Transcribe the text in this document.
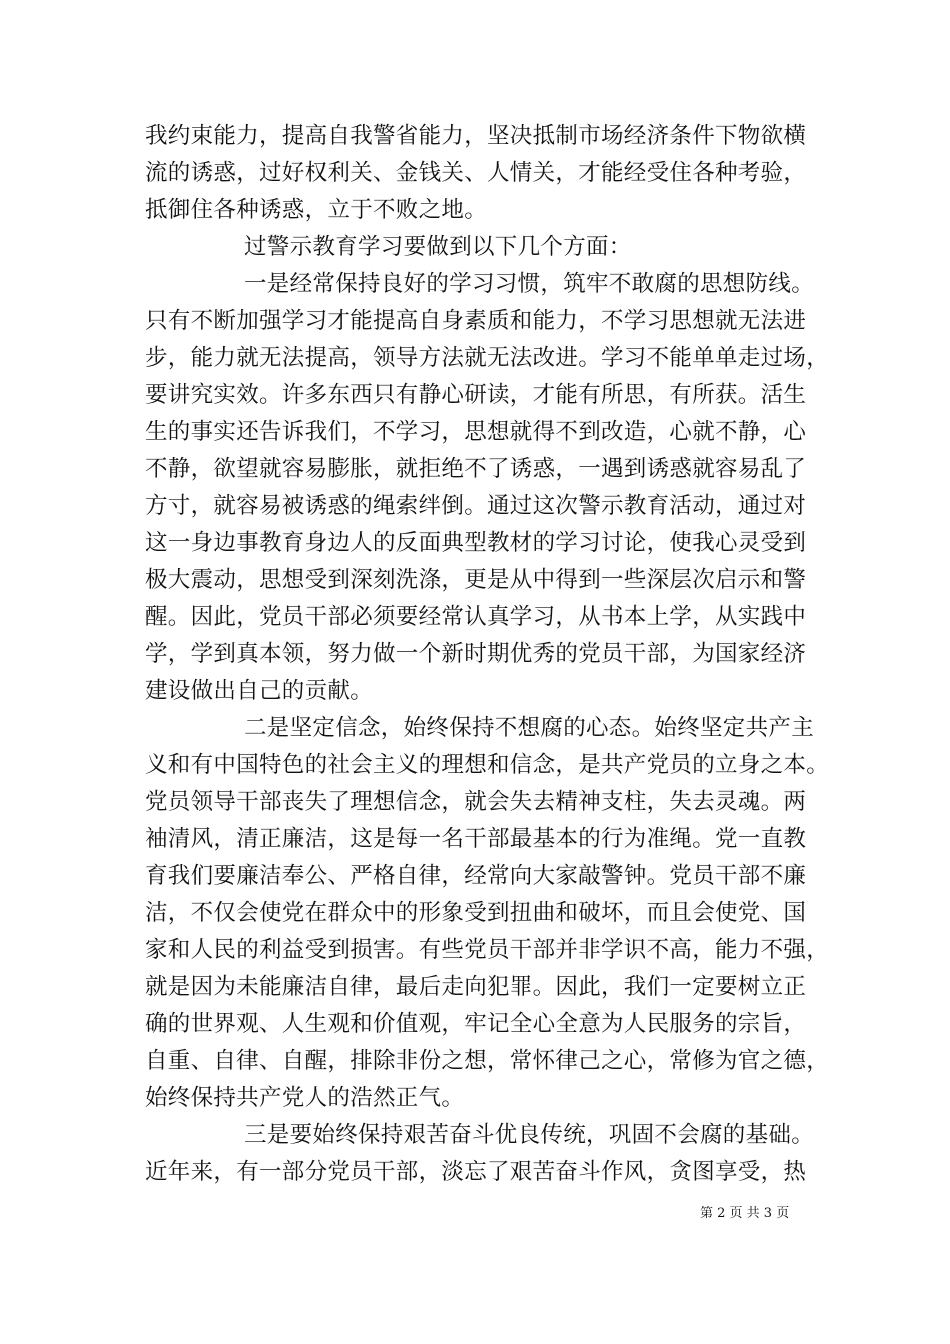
我约束能力，提高自我警省能力，坚决抵制市场经济条件下物欲横
流的诱惑，过好权利关、金钱关、人情关，才能经受住各种考验，
抵御住各种诱惑，立于不败之地。
过警示教育学习要做到以下几个方面：
一是经常保持良好的学习习惯，筑牢不敢腐的思想防线。
只有不断加强学习才能提高自身素质和能力，不学习思想就无法进
步，能力就无法提高，领导方法就无法改进。学习不能单单走过场，
要讲究实效。许多东西只有静心研读，才能有所思，有所获。活生
生的事实还告诉我们，不学习，思想就得不到改造，心就不静，心
不静，欲望就容易膨胀，就拒绝不了诱惑，一遇到诱惑就容易乱了
方寸，就容易被诱惑的绳索绊倒。通过这次警示教育活动，通过对
这一身边事教育身边人的反面典型教材的学习讨论，使我心灵受到
极大震动，思想受到深刻洗涤，更是从中得到一些深层次启示和警
醒。因此，党员干部必须要经常认真学习，从书本上学，从实践中
学，学到真本领，努力做一个新时期优秀的党员干部，为国家经济
建设做出自己的贡献。
二是坚定信念，始终保持不想腐的心态。始终坚定共产主
义和有中国特色的社会主义的理想和信念，是共产党员的立身之本。
党员领导干部丧失了理想信念，就会失去精神支柱，失去灵魂。两
袖清风，清正廉洁，这是每一名干部最基本的行为准绳。党一直教
育我们要廉洁奉公、严格自律，经常向大家敲警钟。党员干部不廉
洁，不仅会使党在群众中的形象受到扭曲和破坏，而且会使党、国
家和人民的利益受到损害。有些党员干部并非学识不高，能力不强，
就是因为未能廉洁自律，最后走向犯罪。因此，我们一定要树立正
确的世界观、人生观和价值观，牢记全心全意为人民服务的宗旨，
自重、自律、自醒，排除非份之想，常怀律己之心，常修为官之德，
始终保持共产党人的浩然正气。
三是要始终保持艰苦奋斗优良传统，巩固不会腐的基础。
近年来，有一部分党员干部，淡忘了艰苦奋斗作风，贪图享受，热
第 2 页 共 3 页
